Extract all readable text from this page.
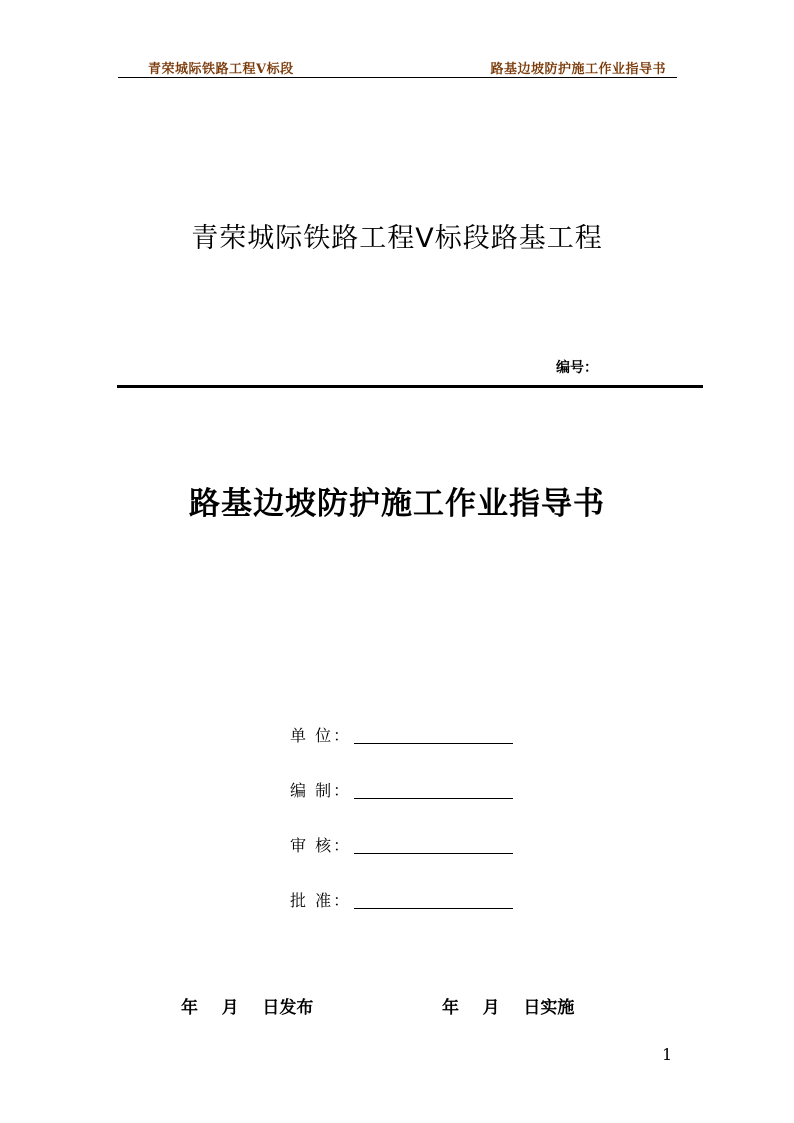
青荣城际铁路工程Ⅴ标段	路基边坡防护施工作业指导书
青荣城际铁路工程Ⅴ标段路基工程
编号：
路基边坡防护施工作业指导书
单 位：
编 制：
审 核：
批 准：
年    月    日发布	年    月    日实施
1
